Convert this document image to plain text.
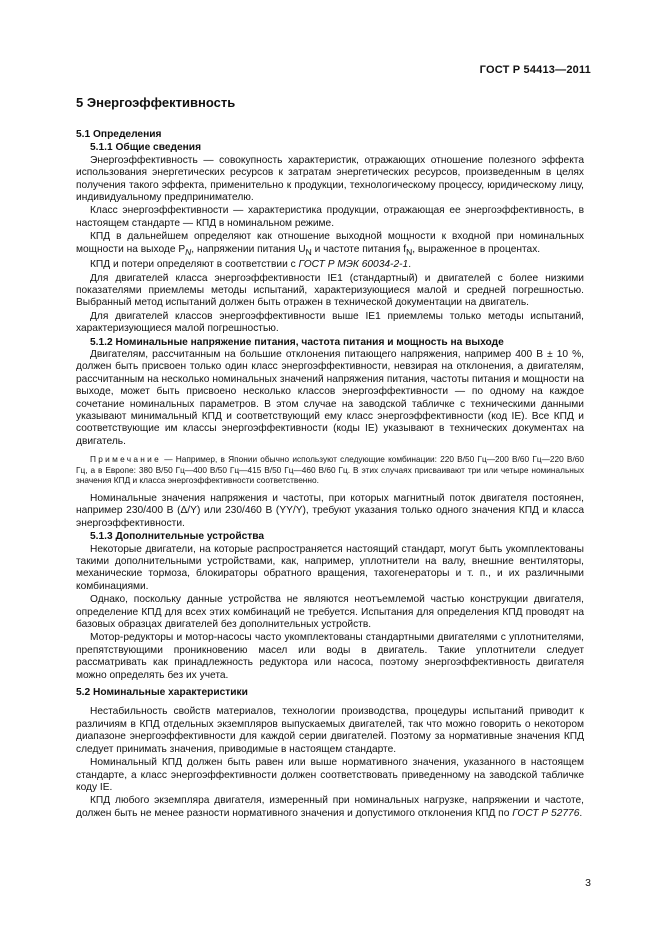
ГОСТ Р 54413—2011
5 Энергоэффективность
5.1 Определения
5.1.1 Общие сведения

Энергоэффективность — совокупность характеристик, отражающих отношение полезного эффекта использования энергетических ресурсов к затратам энергетических ресурсов, произведенным в целях получения такого эффекта, применительно к продукции, технологическому процессу, юридическому лицу, индивидуальному предпринимателю.

Класс энергоэффективности — характеристика продукции, отражающая ее энергоэффективность, в настоящем стандарте — КПД в номинальном режиме.

КПД в дальнейшем определяют как отношение выходной мощности к входной при номинальных мощности на выходе $P_N$, напряжении питания $U_N$ и частоте питания $f_N$, выраженное в процентах.

КПД и потери определяют в соответствии с ГОСТ Р МЭК 60034-2-1.

Для двигателей класса энергоэффективности IE1 (стандартный) и двигателей с более низкими показателями приемлемы методы испытаний, характеризующиеся малой и средней погрешностью. Выбранный метод испытаний должен быть отражен в технической документации на двигатель.

Для двигателей классов энергоэффективности выше IE1 приемлемы только методы испытаний, характеризующиеся малой погрешностью.

5.1.2 Номинальные напряжение питания, частота питания и мощность на выходе

Двигателям, рассчитанным на большие отклонения питающего напряжения, например 400 В ± 10 %, должен быть присвоен только один класс энергоэффективности, невзирая на отклонения, а двигателям, рассчитанным на несколько номинальных значений напряжения питания, частоты питания и мощности на выходе, может быть присвоено несколько классов энергоэффективности — по одному на каждое сочетание номинальных параметров. В этом случае на заводской табличке с техническими данными указывают минимальный КПД и соответствующий ему класс энергоэффективности (код IE). Все КПД и соответствующие им классы энергоэффективности (коды IE) указывают в технических документах на двигатель.

Примечание — Например, в Японии обычно используют следующие комбинации: 220 В/50 Гц—200 В/60 Гц—220 В/60 Гц, а в Европе: 380 В/50 Гц—400 В/50 Гц—415 В/50 Гц—460 В/60 Гц. В этих случаях присваивают три или четыре номинальных значения КПД и класса энергоэффективности соответственно.

Номинальные значения напряжения и частоты, при которых магнитный поток двигателя постоянен, например 230/400 В (Δ/Y) или 230/460 В (YY/Y), требуют указания только одного значения КПД и класса энергоэффективности.

5.1.3 Дополнительные устройства

Некоторые двигатели, на которые распространяется настоящий стандарт, могут быть укомплектованы такими дополнительными устройствами, как, например, уплотнители на валу, внешние вентиляторы, механические тормоза, блокираторы обратного вращения, тахогенераторы и т. п., и их различными комбинациями.

Однако, поскольку данные устройства не являются неотъемлемой частью конструкции двигателя, определение КПД для всех этих комбинаций не требуется. Испытания для определения КПД проводят на базовых образцах двигателей без дополнительных устройств.

Мотор-редукторы и мотор-насосы часто укомплектованы стандартными двигателями с уплотнителями, препятствующими проникновению масел или воды в двигатель. Такие уплотнители следует рассматривать как принадлежность редуктора или насоса, поэтому энергоэффективность двигателя можно определять без их учета.

5.2 Номинальные характеристики

Нестабильность свойств материалов, технологии производства, процедуры испытаний приводит к различиям в КПД отдельных экземпляров выпускаемых двигателей, так что можно говорить о некотором диапазоне энергоэффективности для каждой серии двигателей. Поэтому за нормативные значения КПД следует принимать значения, приводимые в настоящем стандарте.

Номинальный КПД должен быть равен или выше нормативного значения, указанного в настоящем стандарте, а класс энергоэффективности должен соответствовать приведенному на заводской табличке коду IE.

КПД любого экземпляра двигателя, измеренный при номинальных нагрузке, напряжении и частоте, должен быть не менее разности нормативного значения и допустимого отклонения КПД по ГОСТ Р 52776.

3
